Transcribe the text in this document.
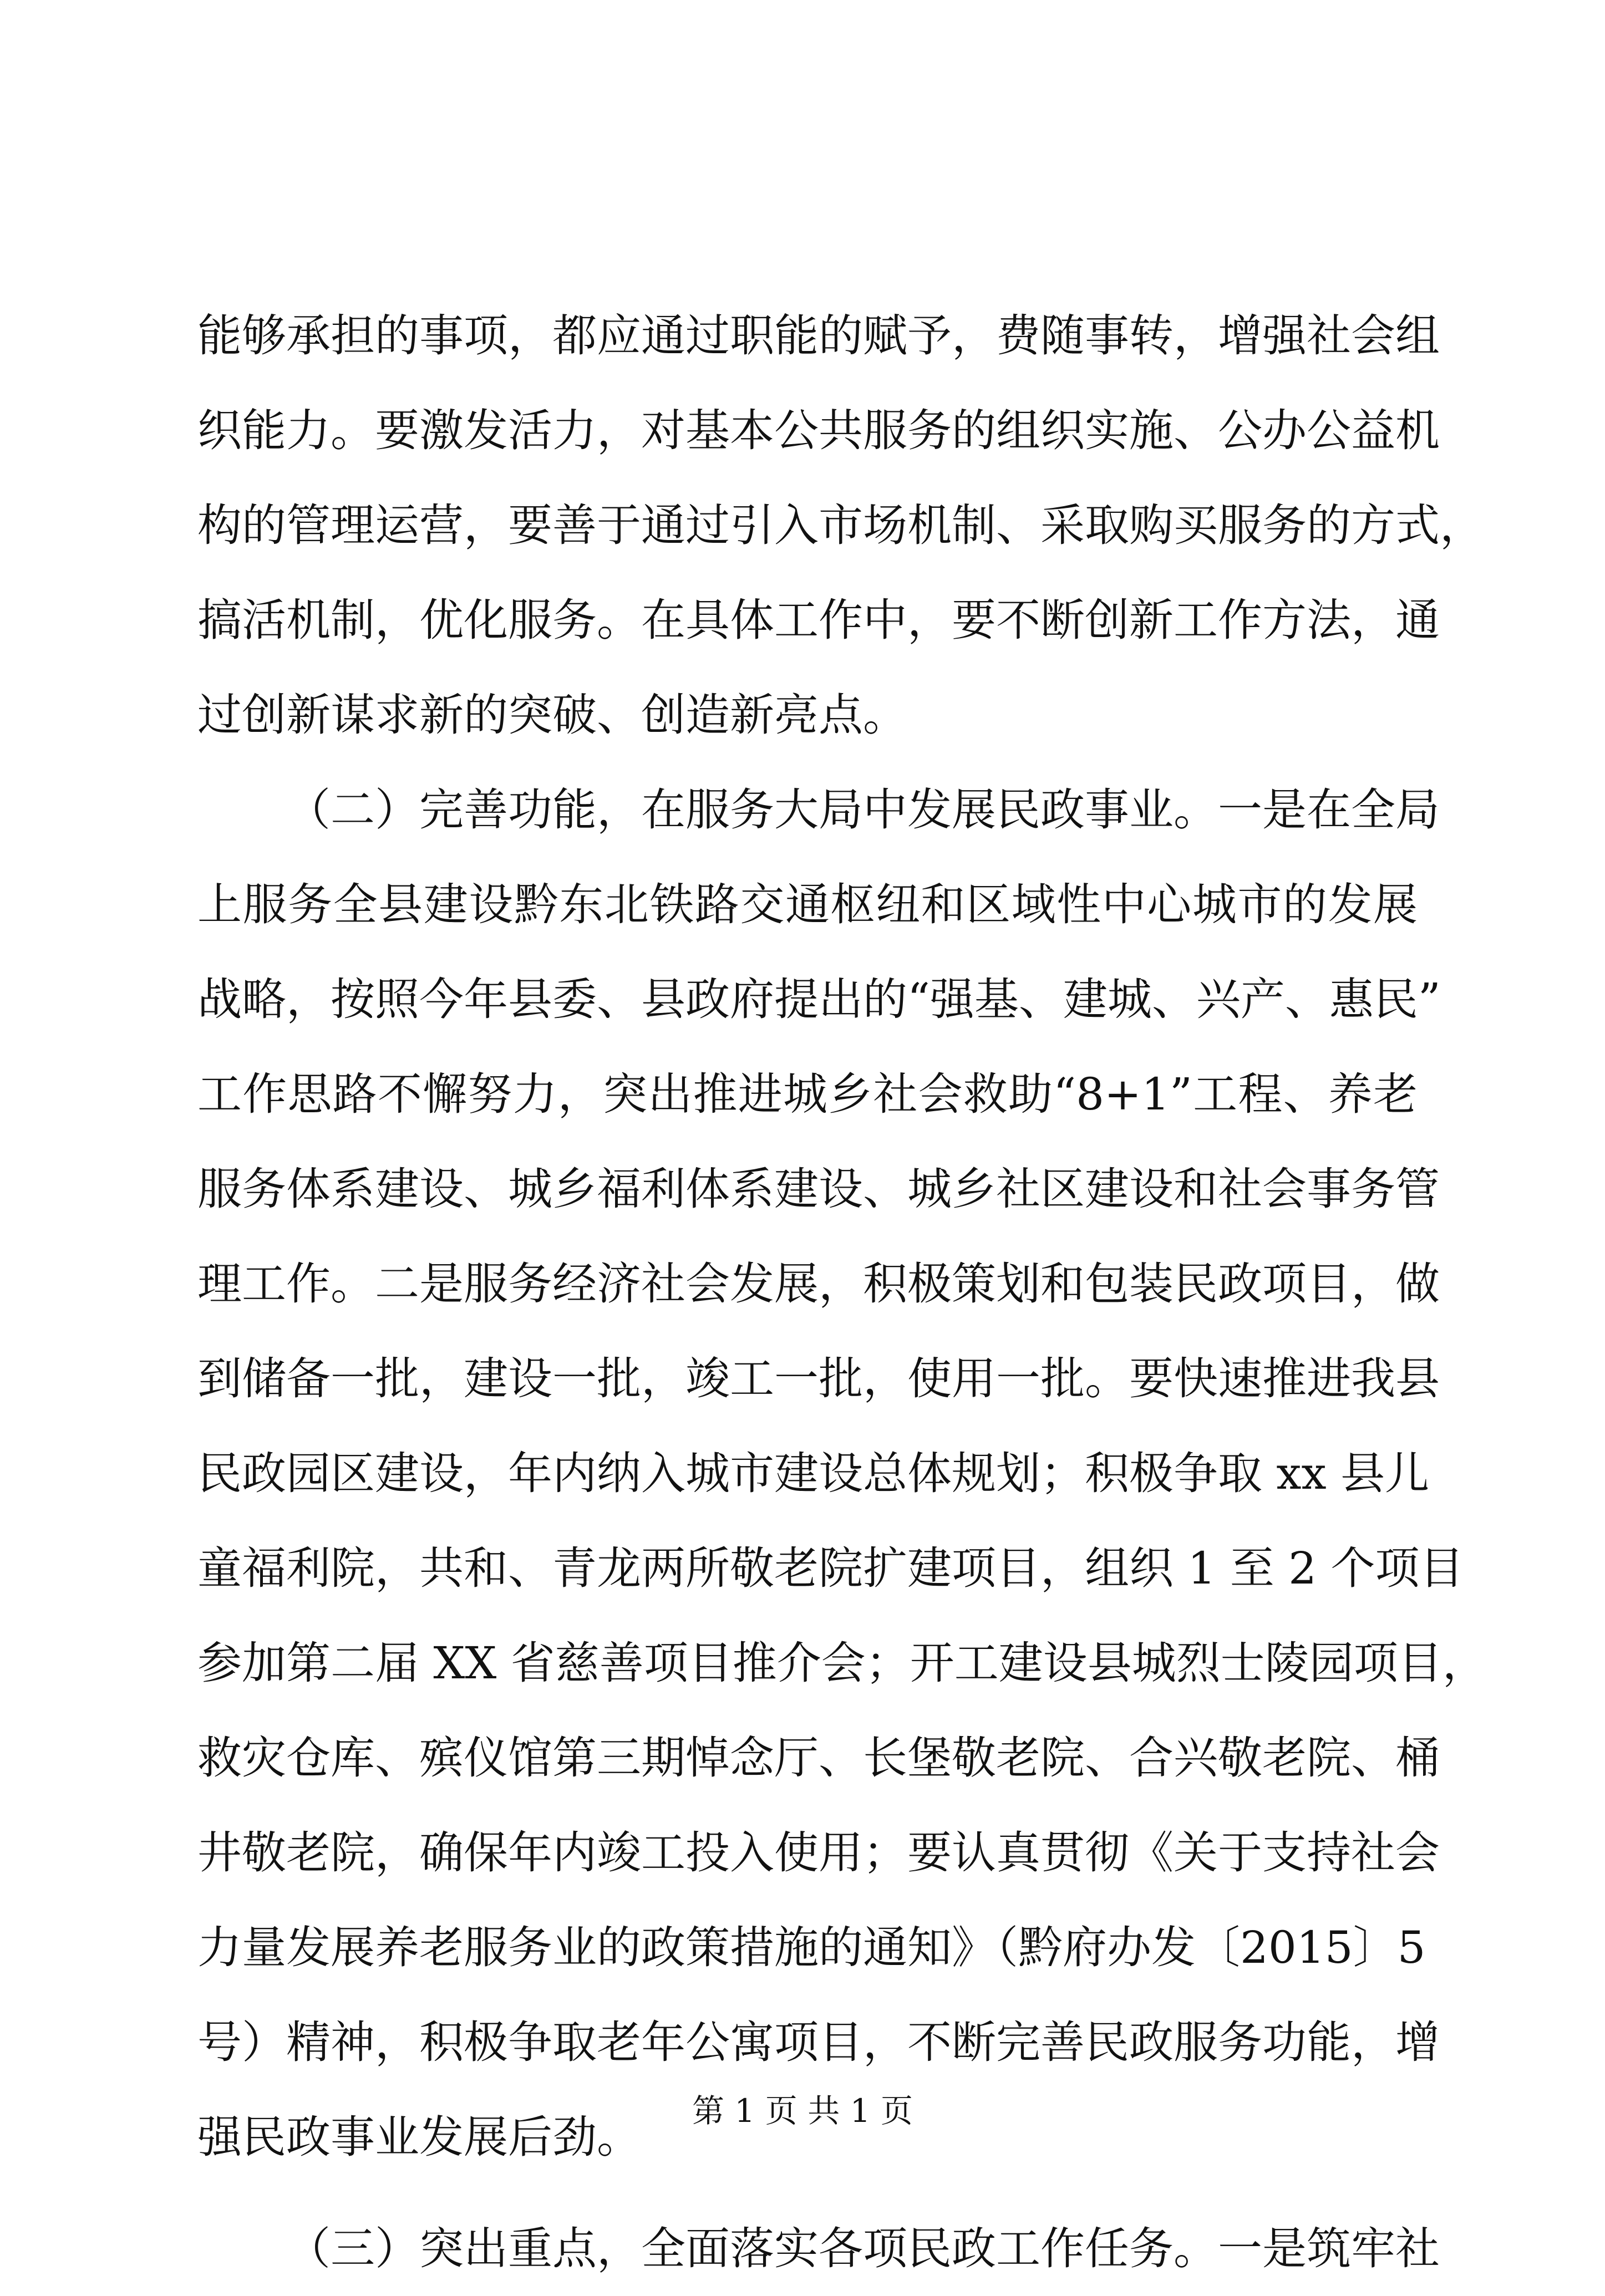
能够承担的事项，都应通过职能的赋予，费随事转，增强社会组
织能力。要激发活力，对基本公共服务的组织实施、公办公益机
构的管理运营，要善于通过引入市场机制、采取购买服务的方式，
搞活机制，优化服务。在具体工作中，要不断创新工作方法，通
过创新谋求新的突破、创造新亮点。
（二）完善功能，在服务大局中发展民政事业。一是在全局
上服务全县建设黔东北铁路交通枢纽和区域性中心城市的发展
战略，按照今年县委、县政府提出的“强基、建城、兴产、惠民”
工作思路不懈努力，突出推进城乡社会救助“8+1”工程、养老
服务体系建设、城乡福利体系建设、城乡社区建设和社会事务管
理工作。二是服务经济社会发展，积极策划和包装民政项目，做
到储备一批，建设一批，竣工一批，使用一批。要快速推进我县
民政园区建设，年内纳入城市建设总体规划；积极争取 xx 县儿
童福利院，共和、青龙两所敬老院扩建项目，组织 1 至 2 个项目
参加第二届 XX 省慈善项目推介会；开工建设县城烈士陵园项目，
救灾仓库、殡仪馆第三期悼念厅、长堡敬老院、合兴敬老院、桶
井敬老院，确保年内竣工投入使用；要认真贯彻《关于支持社会
力量发展养老服务业的政策措施的通知》（黔府办发〔2015〕5
号）精神，积极争取老年公寓项目，不断完善民政服务功能，增
强民政事业发展后劲。
（三）突出重点，全面落实各项民政工作任务。一是筑牢社
第 1 页 共 1 页
